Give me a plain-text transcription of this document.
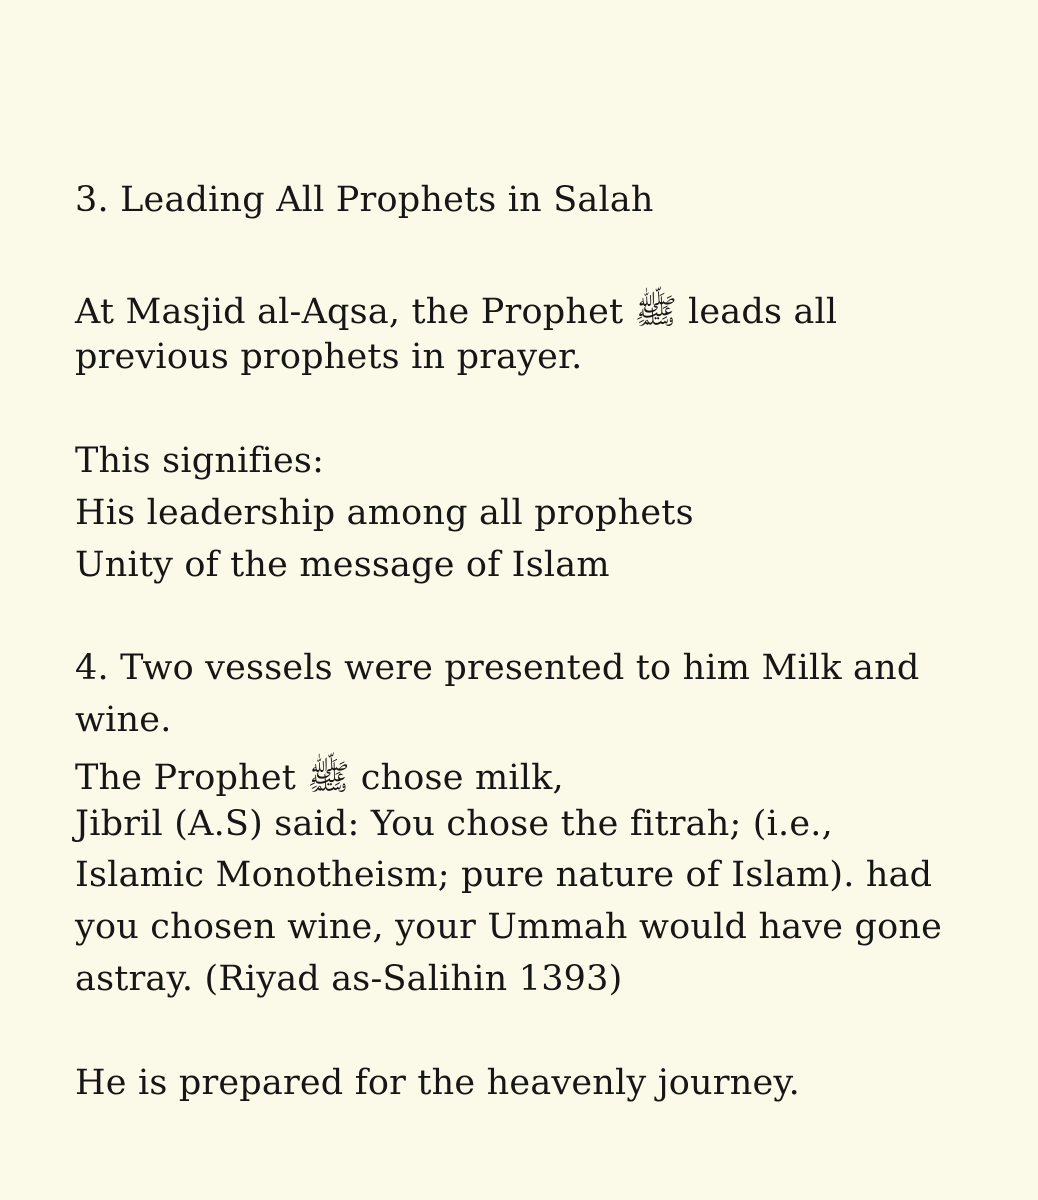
3. Leading All Prophets in Salah

At Masjid al-Aqsa, the Prophet ﷺ leads all

previous prophets in prayer.

This signifies:

His leadership among all prophets

Unity of the message of Islam

4. Two vessels were presented to him Milk and

wine.

The Prophet ﷺ chose milk,

Jibril (A.S) said: You chose the fitrah; (i.e.,

Islamic Monotheism; pure nature of Islam). had

you chosen wine, your Ummah would have gone

astray. (Riyad as-Salihin 1393)

He is prepared for the heavenly journey.
